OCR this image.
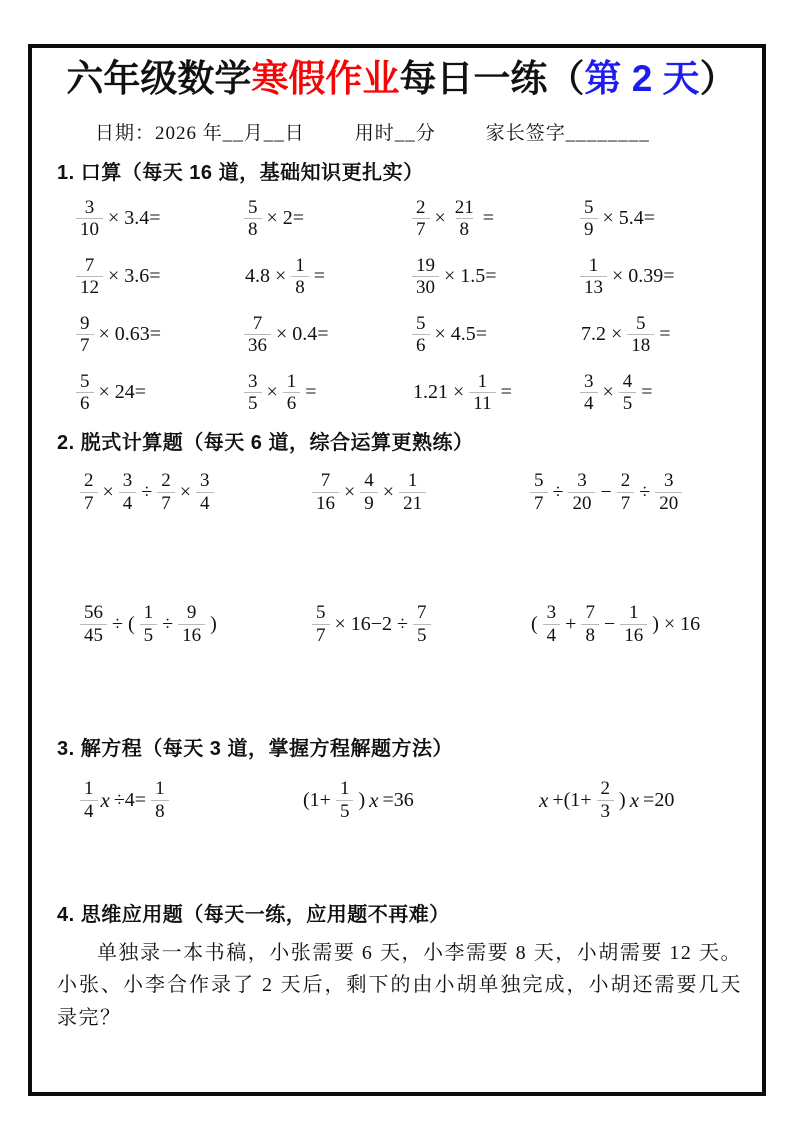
六年级数学寒假作业每日一练（第 2 天）
日期：2026 年__月__日	用时__分	家长签字________
1. 口算（每天 16 道，基础知识更扎实）
$\frac{3}{10} \times 3.4=$	$\frac{5}{8} \times 2=$	$\frac{2}{7} \times \frac{21}{8}$ =	$\frac{5}{9} \times 5.4=$
$\frac{7}{12} \times 3.6=$	$4.8 \times \frac{1}{8}$ =	$\frac{19}{30} \times 1.5=$	$\frac{1}{13} \times 0.39=$
$\frac{9}{7} \times 0.63=$	$\frac{7}{36} \times 0.4=$	$\frac{5}{6} \times 4.5=$	$7.2 \times \frac{5}{18}$ =
$\frac{5}{6} \times 24=$	$\frac{3}{5} \times \frac{1}{6}$ =	$1.21 \times \frac{1}{11}$ =	$\frac{3}{4} \times \frac{4}{5}$ =
2. 脱式计算题（每天 6 道，综合运算更熟练）
$\frac{2}{7} \times \frac{3}{4} \div \frac{2}{7} \times \frac{3}{4}$	$\frac{7}{16} \times \frac{4}{9} \times \frac{1}{21}$	$\frac{5}{7} \div \frac{3}{20} - \frac{2}{7} \div \frac{3}{20}$
$\frac{56}{45}$ ÷ ( $\frac{1}{5} \div \frac{9}{16}$ )	$\frac{5}{7} \times 16-2 \div \frac{7}{5}$	( $\frac{3}{4} + \frac{7}{8} - \frac{1}{16}$ ) × 16
3. 解方程（每天 3 道，掌握方程解题方法）
$\frac{1}{4}$ $x \div 4= \frac{1}{8}$	($1+ \frac{1}{5}$ ) x =36	$x +(1+ \frac{2}{3}$ ) x =20
4. 思维应用题（每天一练，应用题不再难）

单独录一本书稿，小张需要 6 天，小李需要 8 天，小胡需要 12 天。小张、小李合作录了 2 天后，剩下的由小胡单独完成，小胡还需要几天录完？
